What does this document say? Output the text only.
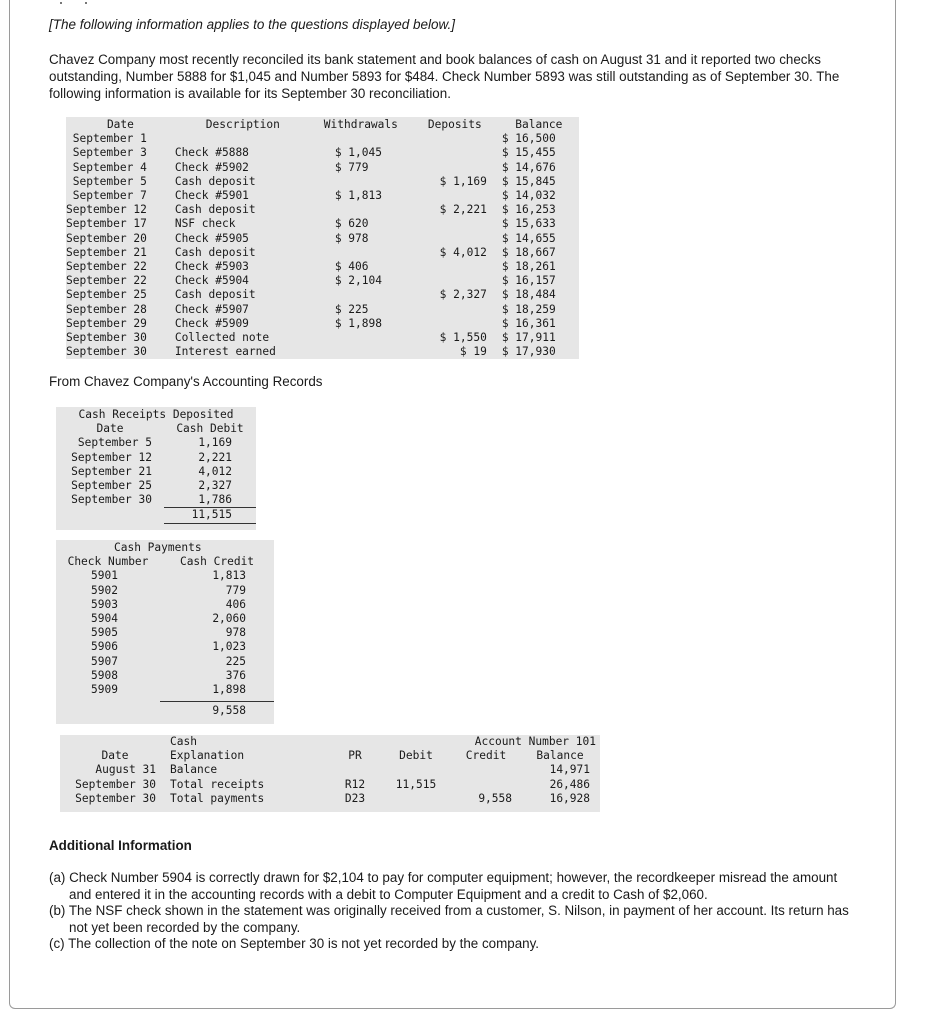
[The following information applies to the questions displayed below.]
Chavez Company most recently reconciled its bank statement and book balances of cash on August 31 and it reported two checks outstanding, Number 5888 for $1,045 and Number 5893 for $484. Check Number 5893 was still outstanding as of September 30. The following information is available for its September 30 reconciliation.
Date	Description	Withdrawals	Deposits	Balance
September 1				$ 16,500
September 3	Check #5888	$ 1,045		$ 15,455
September 4	Check #5902	$ 779		$ 14,676
September 5	Cash deposit		$ 1,169	$ 15,845
September 7	Check #5901	$ 1,813		$ 14,032
September 12	Cash deposit		$ 2,221	$ 16,253
September 17	NSF check	$ 620		$ 15,633
September 20	Check #5905	$ 978		$ 14,655
September 21	Cash deposit		$ 4,012	$ 18,667
September 22	Check #5903	$ 406		$ 18,261
September 22	Check #5904	$ 2,104		$ 16,157
September 25	Cash deposit		$ 2,327	$ 18,484
September 28	Check #5907	$ 225		$ 18,259
September 29	Check #5909	$ 1,898		$ 16,361
September 30	Collected note		$ 1,550	$ 17,911
September 30	Interest earned		$ 19	$ 17,930
From Chavez Company's Accounting Records
Cash Receipts Deposited	
Date	Cash Debit
September 5	1,169
September 12	2,221
September 21	4,012
September 25	2,327
September 30	1,786
	11,515

Cash Payments	
Check Number	Cash Credit
5901	1,813
5902	779
5903	406
5904	2,060
5905	978
5906	1,023
5907	225
5908	376
5909	1,898

	9,558

	Cash			Account Number 101	
Date	Explanation	PR	Debit	Credit	Balance
August 31	Balance				14,971
September 30	Total receipts	R12	11,515		26,486
September 30	Total payments	D23		9,558	16,928

Additional Information
(a) Check Number 5904 is correctly drawn for $2,104 to pay for computer equipment; however, the recordkeeper misread the amount and entered it in the accounting records with a debit to Computer Equipment and a credit to Cash of $2,060.
(b) The NSF check shown in the statement was originally received from a customer, S. Nilson, in payment of her account. Its return has not yet been recorded by the company.
(c) The collection of the note on September 30 is not yet recorded by the company.
